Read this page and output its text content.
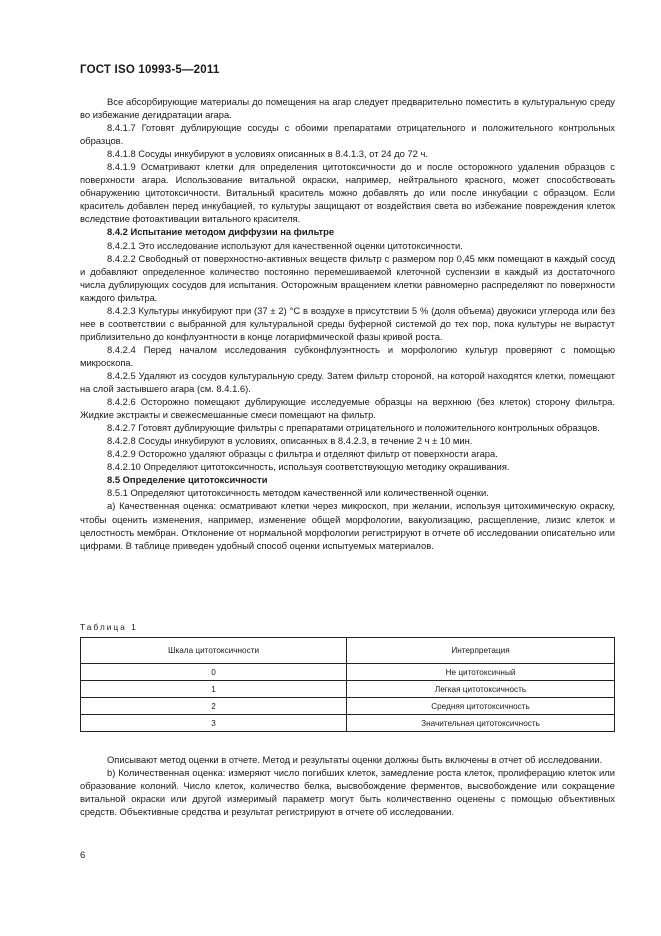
ГОСТ ISO 10993-5—2011

Все абсорбирующие материалы до помещения на агар следует предварительно поместить в культуральную среду во избежание дегидратации агара.

8.4.1.7 Готовят дублирующие сосуды с обоими препаратами отрицательного и положительного контрольных образцов.

8.4.1.8 Сосуды инкубируют в условиях описанных в 8.4.1.3, от 24 до 72 ч.

8.4.1.9 Осматривают клетки для определения цитотоксичности до и после осторожного удаления образцов с поверхности агара. Использование витальной окраски, например, нейтрального красного, может способствовать обнаружению цитотоксичности. Витальный краситель можно добавлять до или после инкубации с образцом. Если краситель добавлен перед инкубацией, то культуры защищают от воздействия света во избежание повреждения клеток вследствие фотоактивации витального красителя.

8.4.2 Испытание методом диффузии на фильтре

8.4.2.1 Это исследование используют для качественной оценки цитотоксичности.

8.4.2.2 Свободный от поверхностно-активных веществ фильтр с размером пор 0,45 мкм помещают в каждый сосуд и добавляют определенное количество постоянно перемешиваемой клеточной суспензии в каждый из достаточного числа дублирующих сосудов для испытания. Осторожным вращением клетки равномерно распределяют по поверхности каждого фильтра.

8.4.2.3 Культуры инкубируют при (37 ± 2) °С в воздухе в присутствии 5 % (доля объема) двуокиси углерода или без нее в соответствии с выбранной для культуральной среды буферной системой до тех пор, пока культуры не вырастут приблизительно до конфлуэнтности в конце логарифмической фазы кривой роста.

8.4.2.4 Перед началом исследования субконфлуэнтность и морфологию культур проверяют с помощью микроскопа.

8.4.2.5 Удаляют из сосудов культуральную среду. Затем фильтр стороной, на которой находятся клетки, помещают на слой застывшего агара (см. 8.4.1.6).

8.4.2.6 Осторожно помещают дублирующие исследуемые образцы на верхнюю (без клеток) сторону фильтра. Жидкие экстракты и свежесмешанные смеси помещают на фильтр.

8.4.2.7 Готовят дублирующие фильтры с препаратами отрицательного и положительного контрольных образцов.

8.4.2.8 Сосуды инкубируют в условиях, описанных в 8.4.2.3, в течение 2 ч ± 10 мин.

8.4.2.9 Осторожно удаляют образцы с фильтра и отделяют фильтр от поверхности агара.

8.4.2.10 Определяют цитотоксичность, используя соответствующую методику окрашивания.

8.5 Определение цитотоксичности

8.5.1 Определяют цитотоксичность методом качественной или количественной оценки.

а) Качественная оценка: осматривают клетки через микроскоп, при желании, используя цитохимическую окраску, чтобы оценить изменения, например, изменение общей морфологии, вакуолизацию, расщепление, лизис клеток и целостность мембран. Отклонение от нормальной морфологии регистрируют в отчете об исследовании описательно или цифрами. В таблице приведен удобный способ оценки испытуемых материалов.

Таблица 1
Шкала цитотоксичности	Интерпретация
0	Не цитотоксичный
1	Легкая цитотоксичность
2	Средняя цитотоксичность
3	Значительная цитотоксичность

Описывают метод оценки в отчете. Метод и результаты оценки должны быть включены в отчет об исследовании.

b) Количественная оценка: измеряют число погибших клеток, замедление роста клеток, пролиферацию клеток или образование колоний. Число клеток, количество белка, высвобождение ферментов, высвобождение или сокращение витальной окраски или другой измеримый параметр могут быть количественно оценены с помощью объективных средств. Объективные средства и результат регистрируют в отчете об исследовании.

6
